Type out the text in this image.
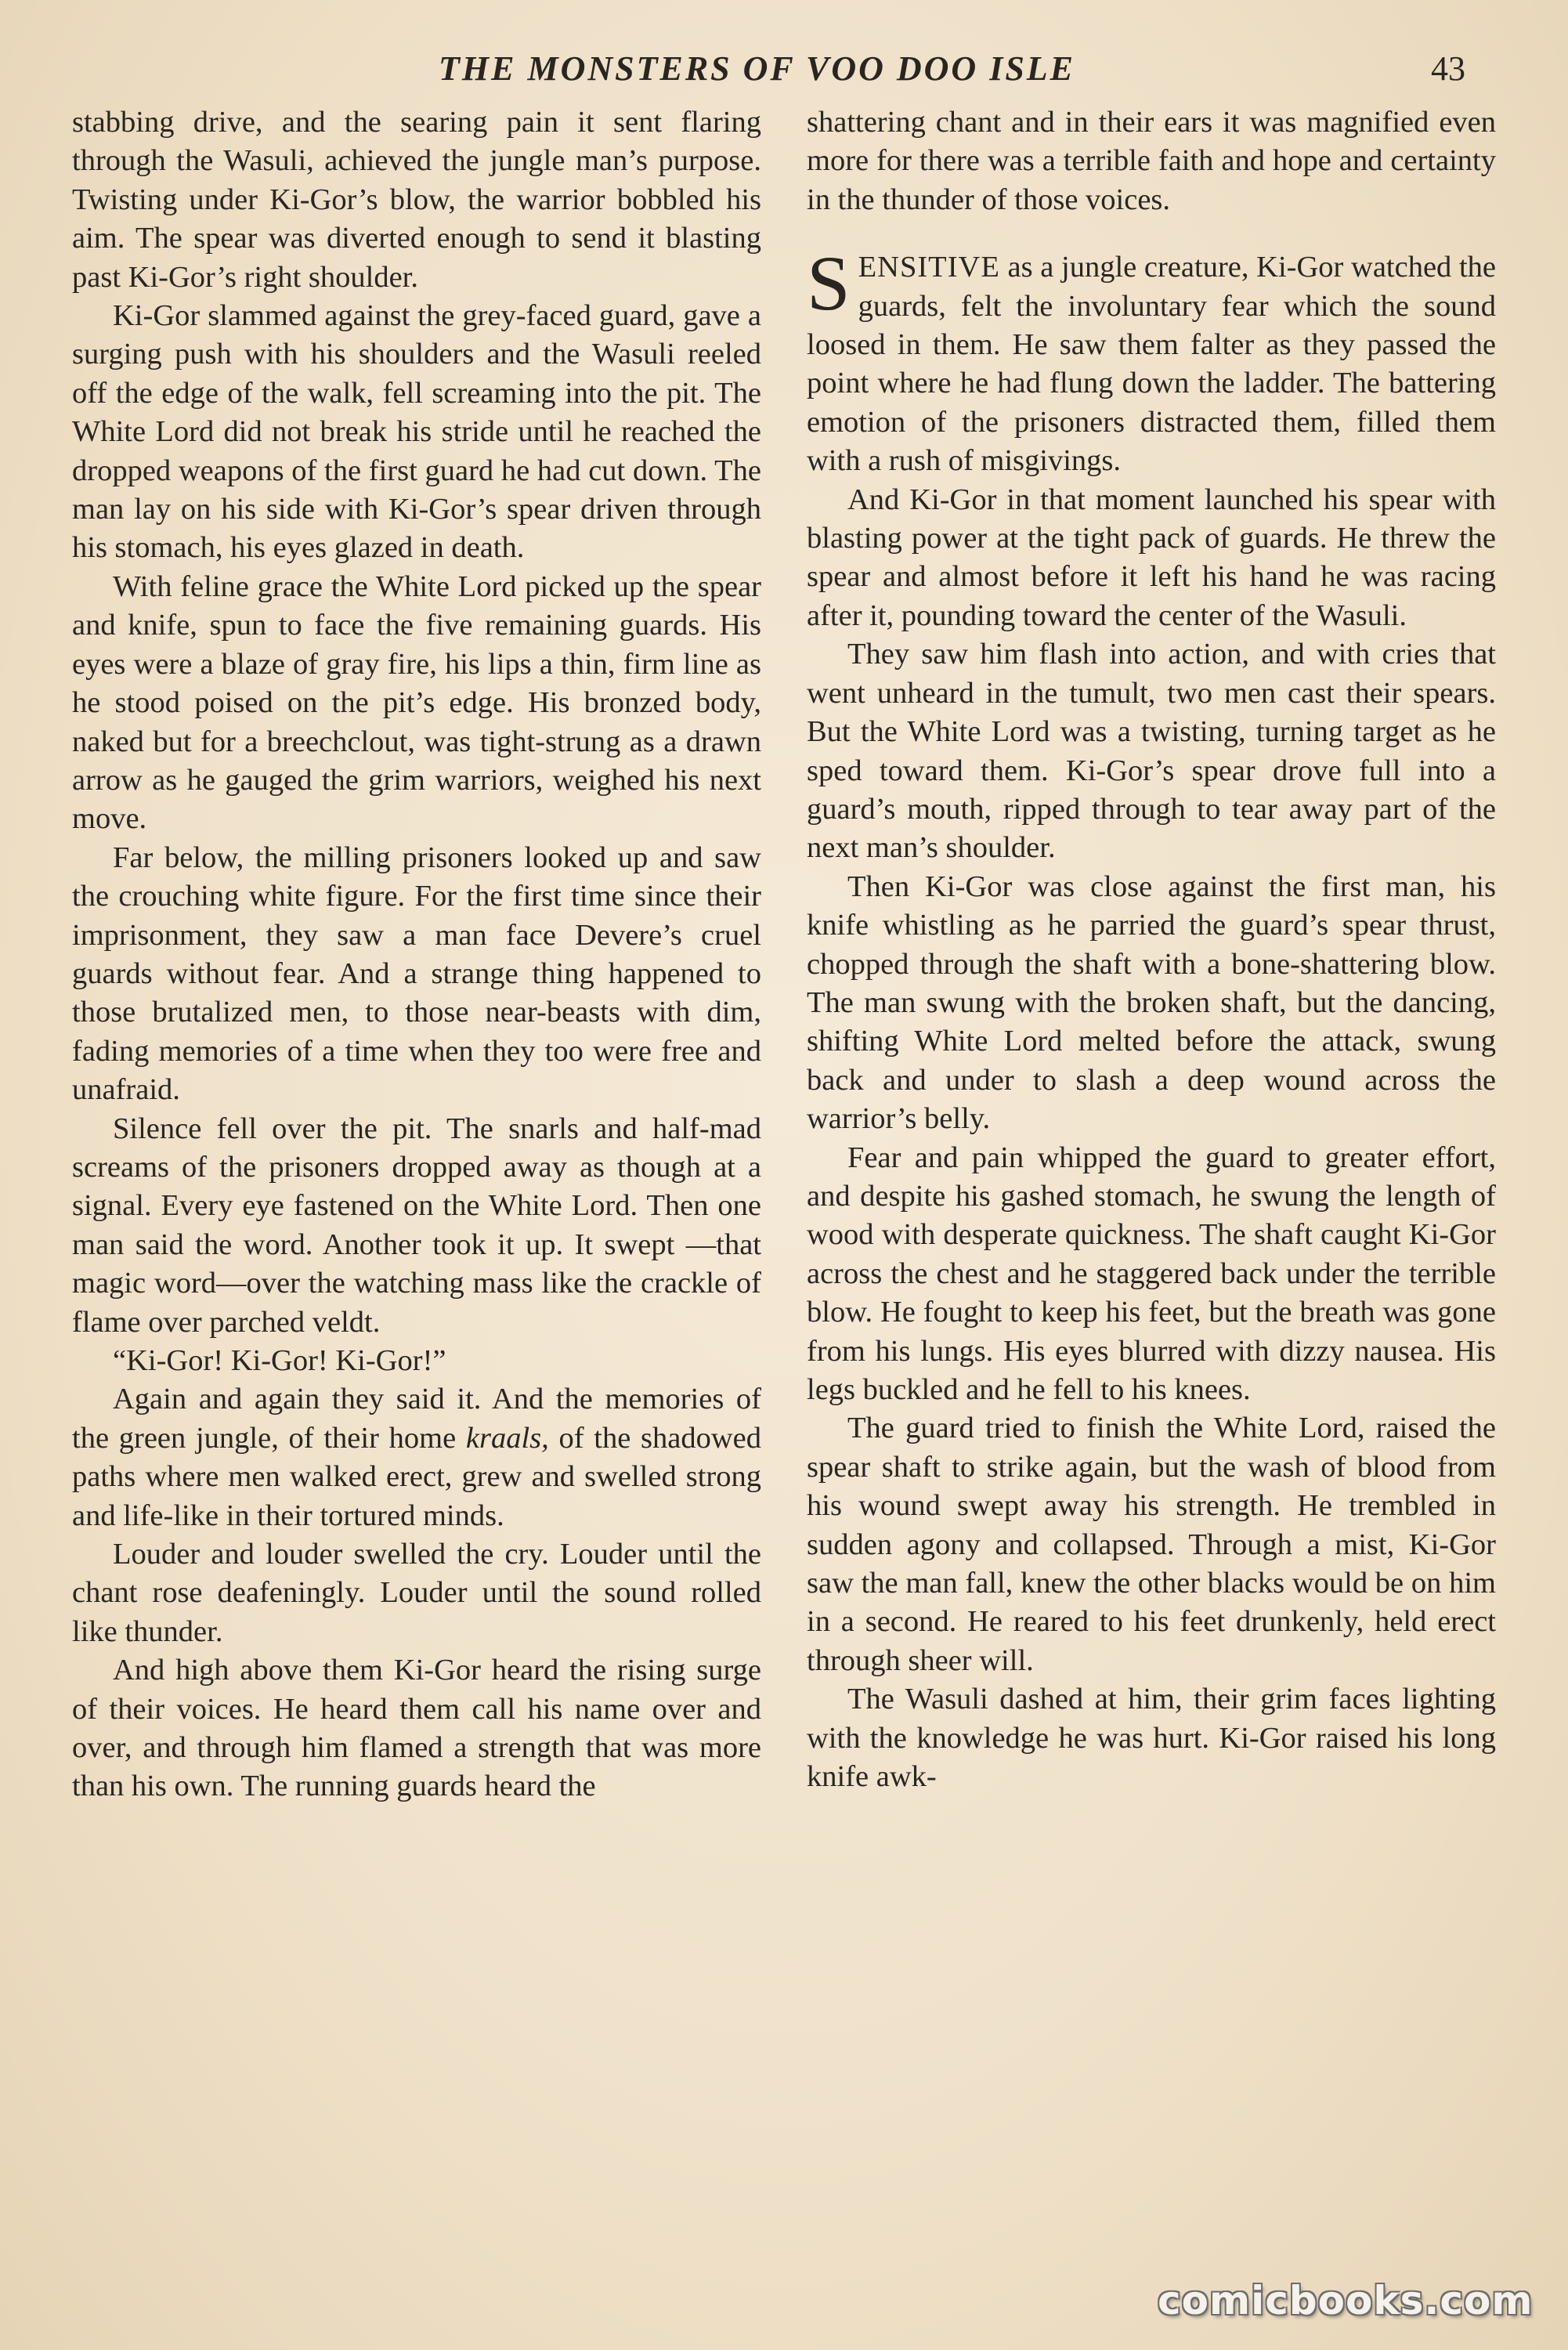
THE MONSTERS OF VOO DOO ISLE	43

stabbing drive, and the searing pain it sent flaring through the Wasuli, achieved the jungle man’s purpose. Twisting under Ki-Gor’s blow, the warrior bobbled his aim. The spear was diverted enough to send it blasting past Ki-Gor’s right shoulder.

Ki-Gor slammed against the grey-faced guard, gave a surging push with his shoulders and the Wasuli reeled off the edge of the walk, fell screaming into the pit. The White Lord did not break his stride until he reached the dropped weapons of the first guard he had cut down. The man lay on his side with Ki-Gor’s spear driven through his stomach, his eyes glazed in death.

With feline grace the White Lord picked up the spear and knife, spun to face the five remaining guards. His eyes were a blaze of gray fire, his lips a thin, firm line as he stood poised on the pit’s edge. His bronzed body, naked but for a breechclout, was tight-strung as a drawn arrow as he gauged the grim warriors, weighed his next move.

Far below, the milling prisoners looked up and saw the crouching white figure. For the first time since their imprisonment, they saw a man face Devere’s cruel guards without fear. And a strange thing happened to those brutalized men, to those near-beasts with dim, fading memories of a time when they too were free and unafraid.

Silence fell over the pit. The snarls and half-mad screams of the prisoners dropped away as though at a signal. Every eye fastened on the White Lord. Then one man said the word. Another took it up. It swept —that magic word—over the watching mass like the crackle of flame over parched veldt.

“Ki-Gor! Ki-Gor! Ki-Gor!”

Again and again they said it. And the memories of the green jungle, of their home kraals, of the shadowed paths where men walked erect, grew and swelled strong and life-like in their tortured minds.

Louder and louder swelled the cry. Louder until the chant rose deafeningly. Louder until the sound rolled like thunder.

And high above them Ki-Gor heard the rising surge of their voices. He heard them call his name over and over, and through him flamed a strength that was more than his own. The running guards heard the

shattering chant and in their ears it was magnified even more for there was a terrible faith and hope and certainty in the thunder of those voices.

SENSITIVE as a jungle creature, Ki-Gor watched the guards, felt the involuntary fear which the sound loosed in them. He saw them falter as they passed the point where he had flung down the ladder. The battering emotion of the prisoners distracted them, filled them with a rush of misgivings.

And Ki-Gor in that moment launched his spear with blasting power at the tight pack of guards. He threw the spear and almost before it left his hand he was racing after it, pounding toward the center of the Wasuli.

They saw him flash into action, and with cries that went unheard in the tumult, two men cast their spears. But the White Lord was a twisting, turning target as he sped toward them. Ki-Gor’s spear drove full into a guard’s mouth, ripped through to tear away part of the next man’s shoulder.

Then Ki-Gor was close against the first man, his knife whistling as he parried the guard’s spear thrust, chopped through the shaft with a bone-shattering blow. The man swung with the broken shaft, but the dancing, shifting White Lord melted before the attack, swung back and under to slash a deep wound across the warrior’s belly.

Fear and pain whipped the guard to greater effort, and despite his gashed stomach, he swung the length of wood with desperate quickness. The shaft caught Ki-Gor across the chest and he staggered back under the terrible blow. He fought to keep his feet, but the breath was gone from his lungs. His eyes blurred with dizzy nausea. His legs buckled and he fell to his knees.

The guard tried to finish the White Lord, raised the spear shaft to strike again, but the wash of blood from his wound swept away his strength. He trembled in sudden agony and collapsed. Through a mist, Ki-Gor saw the man fall, knew the other blacks would be on him in a second. He reared to his feet drunkenly, held erect through sheer will.

The Wasuli dashed at him, their grim faces lighting with the knowledge he was hurt. Ki-Gor raised his long knife awk-

comicbooks.com
